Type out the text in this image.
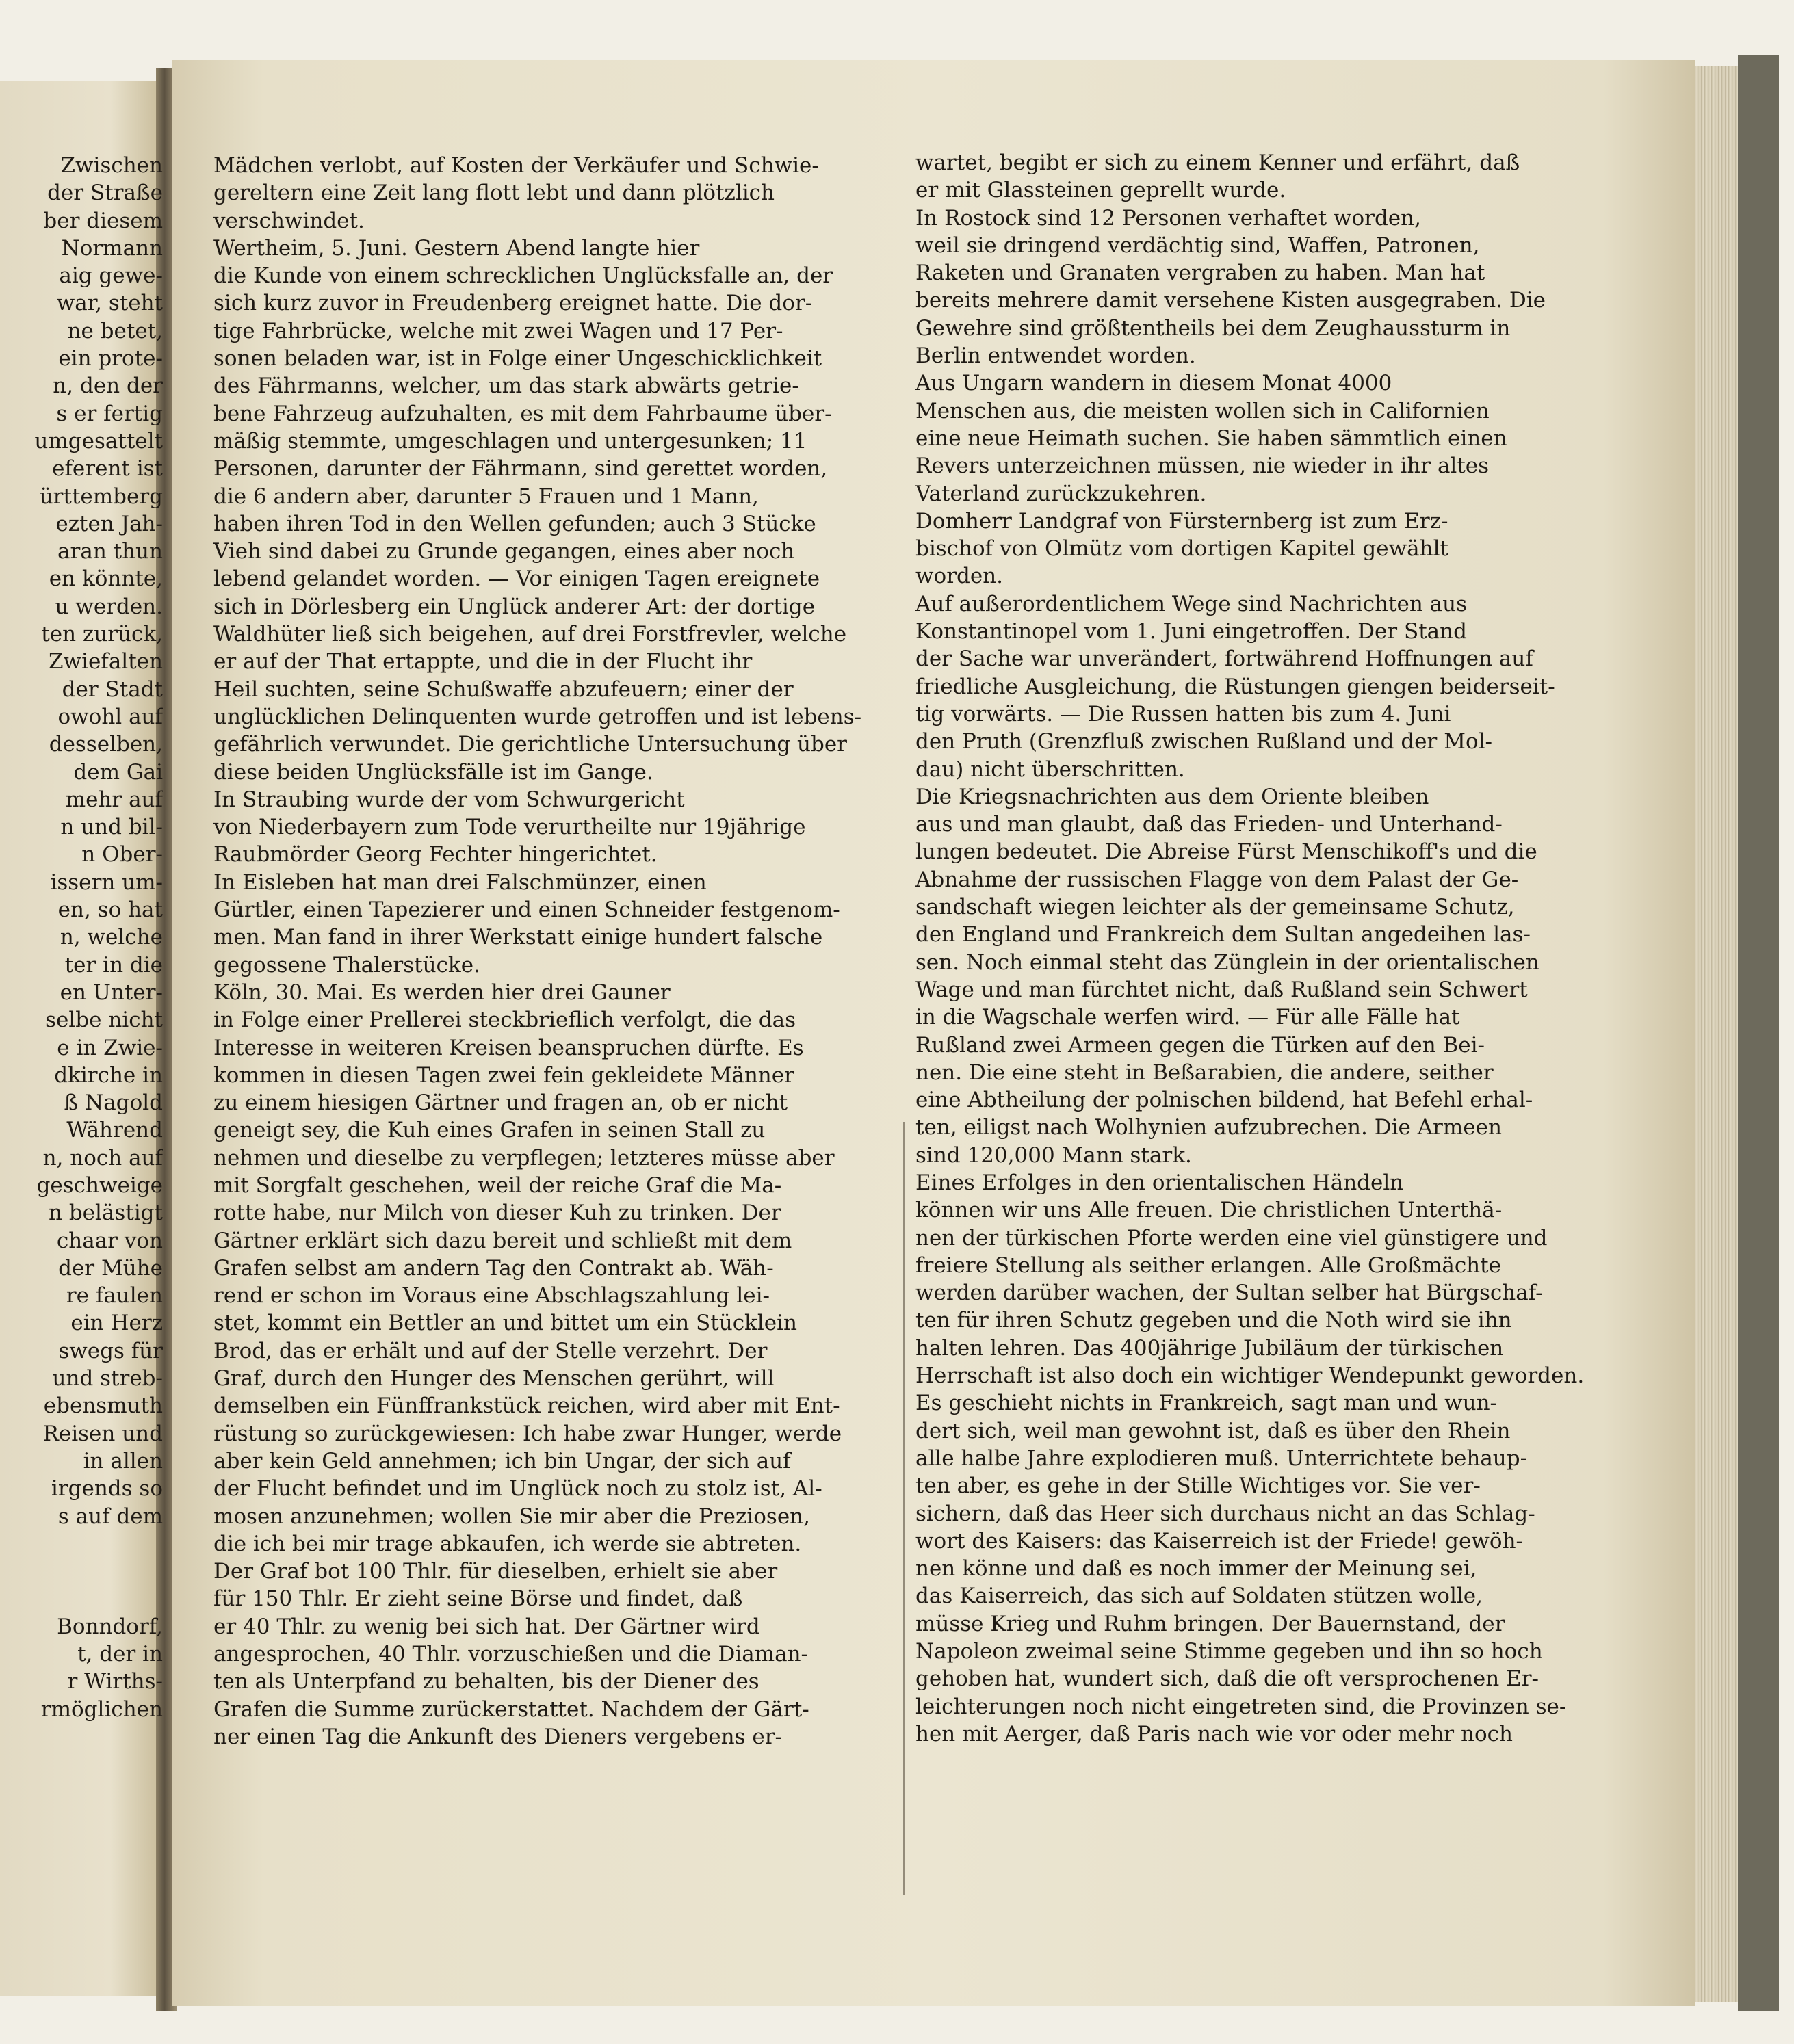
Zwischen
der Straße
ber diesem
Normann
aig gewe-
war, steht
ne betet,
ein prote-
n, den der
s er fertig
umgesattelt
eferent ist
ürttemberg
ezten Jah-
aran thun
en könnte,
u werden.
ten zurück,
Zwiefalten
der Stadt
owohl auf
desselben,
dem Gai
mehr auf
n und bil-
n Ober-
issern um-
en, so hat
n, welche
ter in die
en Unter-
selbe nicht
e in Zwie-
dkirche in
ß Nagold
Während
n, noch auf
geschweige
n belästigt
chaar von
der Mühe
re faulen
ein Herz
swegs für
und streb-
ebensmuth
Reisen und
in allen
irgends so
s auf dem
Bonndorf,
t, der in
r Wirths-
rmöglichen
Mädchen verlobt, auf Kosten der Verkäufer und Schwie-
gereltern eine Zeit lang flott lebt und dann plötzlich
verschwindet.
Wertheim, 5. Juni. Gestern Abend langte hier
die Kunde von einem schrecklichen Unglücksfalle an, der
sich kurz zuvor in Freudenberg ereignet hatte. Die dor-
tige Fahrbrücke, welche mit zwei Wagen und 17 Per-
sonen beladen war, ist in Folge einer Ungeschicklichkeit
des Fährmanns, welcher, um das stark abwärts getrie-
bene Fahrzeug aufzuhalten, es mit dem Fahrbaume über-
mäßig stemmte, umgeschlagen und untergesunken; 11
Personen, darunter der Fährmann, sind gerettet worden,
die 6 andern aber, darunter 5 Frauen und 1 Mann,
haben ihren Tod in den Wellen gefunden; auch 3 Stücke
Vieh sind dabei zu Grunde gegangen, eines aber noch
lebend gelandet worden. — Vor einigen Tagen ereignete
sich in Dörlesberg ein Unglück anderer Art: der dortige
Waldhüter ließ sich beigehen, auf drei Forstfrevler, welche
er auf der That ertappte, und die in der Flucht ihr
Heil suchten, seine Schußwaffe abzufeuern; einer der
unglücklichen Delinquenten wurde getroffen und ist lebens-
gefährlich verwundet. Die gerichtliche Untersuchung über
diese beiden Unglücksfälle ist im Gange.
In Straubing wurde der vom Schwurgericht
von Niederbayern zum Tode verurtheilte nur 19jährige
Raubmörder Georg Fechter hingerichtet.
In Eisleben hat man drei Falschmünzer, einen
Gürtler, einen Tapezierer und einen Schneider festgenom-
men. Man fand in ihrer Werkstatt einige hundert falsche
gegossene Thalerstücke.
Köln, 30. Mai. Es werden hier drei Gauner
in Folge einer Prellerei steckbrieflich verfolgt, die das
Interesse in weiteren Kreisen beanspruchen dürfte. Es
kommen in diesen Tagen zwei fein gekleidete Männer
zu einem hiesigen Gärtner und fragen an, ob er nicht
geneigt sey, die Kuh eines Grafen in seinen Stall zu
nehmen und dieselbe zu verpflegen; letzteres müsse aber
mit Sorgfalt geschehen, weil der reiche Graf die Ma-
rotte habe, nur Milch von dieser Kuh zu trinken. Der
Gärtner erklärt sich dazu bereit und schließt mit dem
Grafen selbst am andern Tag den Contrakt ab. Wäh-
rend er schon im Voraus eine Abschlagszahlung lei-
stet, kommt ein Bettler an und bittet um ein Stücklein
Brod, das er erhält und auf der Stelle verzehrt. Der
Graf, durch den Hunger des Menschen gerührt, will
demselben ein Fünffrankstück reichen, wird aber mit Ent-
rüstung so zurückgewiesen: Ich habe zwar Hunger, werde
aber kein Geld annehmen; ich bin Ungar, der sich auf
der Flucht befindet und im Unglück noch zu stolz ist, Al-
mosen anzunehmen; wollen Sie mir aber die Preziosen,
die ich bei mir trage abkaufen, ich werde sie abtreten.
Der Graf bot 100 Thlr. für dieselben, erhielt sie aber
für 150 Thlr. Er zieht seine Börse und findet, daß
er 40 Thlr. zu wenig bei sich hat. Der Gärtner wird
angesprochen, 40 Thlr. vorzuschießen und die Diaman-
ten als Unterpfand zu behalten, bis der Diener des
Grafen die Summe zurückerstattet. Nachdem der Gärt-
ner einen Tag die Ankunft des Dieners vergebens er-
wartet, begibt er sich zu einem Kenner und erfährt, daß
er mit Glassteinen geprellt wurde.
In Rostock sind 12 Personen verhaftet worden,
weil sie dringend verdächtig sind, Waffen, Patronen,
Raketen und Granaten vergraben zu haben. Man hat
bereits mehrere damit versehene Kisten ausgegraben. Die
Gewehre sind größtentheils bei dem Zeughaussturm in
Berlin entwendet worden.
Aus Ungarn wandern in diesem Monat 4000
Menschen aus, die meisten wollen sich in Californien
eine neue Heimath suchen. Sie haben sämmtlich einen
Revers unterzeichnen müssen, nie wieder in ihr altes
Vaterland zurückzukehren.
Domherr Landgraf von Fürsternberg ist zum Erz-
bischof von Olmütz vom dortigen Kapitel gewählt
worden.
Auf außerordentlichem Wege sind Nachrichten aus
Konstantinopel vom 1. Juni eingetroffen. Der Stand
der Sache war unverändert, fortwährend Hoffnungen auf
friedliche Ausgleichung, die Rüstungen giengen beiderseit-
tig vorwärts. — Die Russen hatten bis zum 4. Juni
den Pruth (Grenzfluß zwischen Rußland und der Mol-
dau) nicht überschritten.
Die Kriegsnachrichten aus dem Oriente bleiben
aus und man glaubt, daß das Frieden- und Unterhand-
lungen bedeutet. Die Abreise Fürst Menschikoff's und die
Abnahme der russischen Flagge von dem Palast der Ge-
sandschaft wiegen leichter als der gemeinsame Schutz,
den England und Frankreich dem Sultan angedeihen las-
sen. Noch einmal steht das Zünglein in der orientalischen
Wage und man fürchtet nicht, daß Rußland sein Schwert
in die Wagschale werfen wird. — Für alle Fälle hat
Rußland zwei Armeen gegen die Türken auf den Bei-
nen. Die eine steht in Beßarabien, die andere, seither
eine Abtheilung der polnischen bildend, hat Befehl erhal-
ten, eiligst nach Wolhynien aufzubrechen. Die Armeen
sind 120,000 Mann stark.
Eines Erfolges in den orientalischen Händeln
können wir uns Alle freuen. Die christlichen Unterthä-
nen der türkischen Pforte werden eine viel günstigere und
freiere Stellung als seither erlangen. Alle Großmächte
werden darüber wachen, der Sultan selber hat Bürgschaf-
ten für ihren Schutz gegeben und die Noth wird sie ihn
halten lehren. Das 400jährige Jubiläum der türkischen
Herrschaft ist also doch ein wichtiger Wendepunkt geworden.
Es geschieht nichts in Frankreich, sagt man und wun-
dert sich, weil man gewohnt ist, daß es über den Rhein
alle halbe Jahre explodieren muß. Unterrichtete behaup-
ten aber, es gehe in der Stille Wichtiges vor. Sie ver-
sichern, daß das Heer sich durchaus nicht an das Schlag-
wort des Kaisers: das Kaiserreich ist der Friede! gewöh-
nen könne und daß es noch immer der Meinung sei,
das Kaiserreich, das sich auf Soldaten stützen wolle,
müsse Krieg und Ruhm bringen. Der Bauernstand, der
Napoleon zweimal seine Stimme gegeben und ihn so hoch
gehoben hat, wundert sich, daß die oft versprochenen Er-
leichterungen noch nicht eingetreten sind, die Provinzen se-
hen mit Aerger, daß Paris nach wie vor oder mehr noch
